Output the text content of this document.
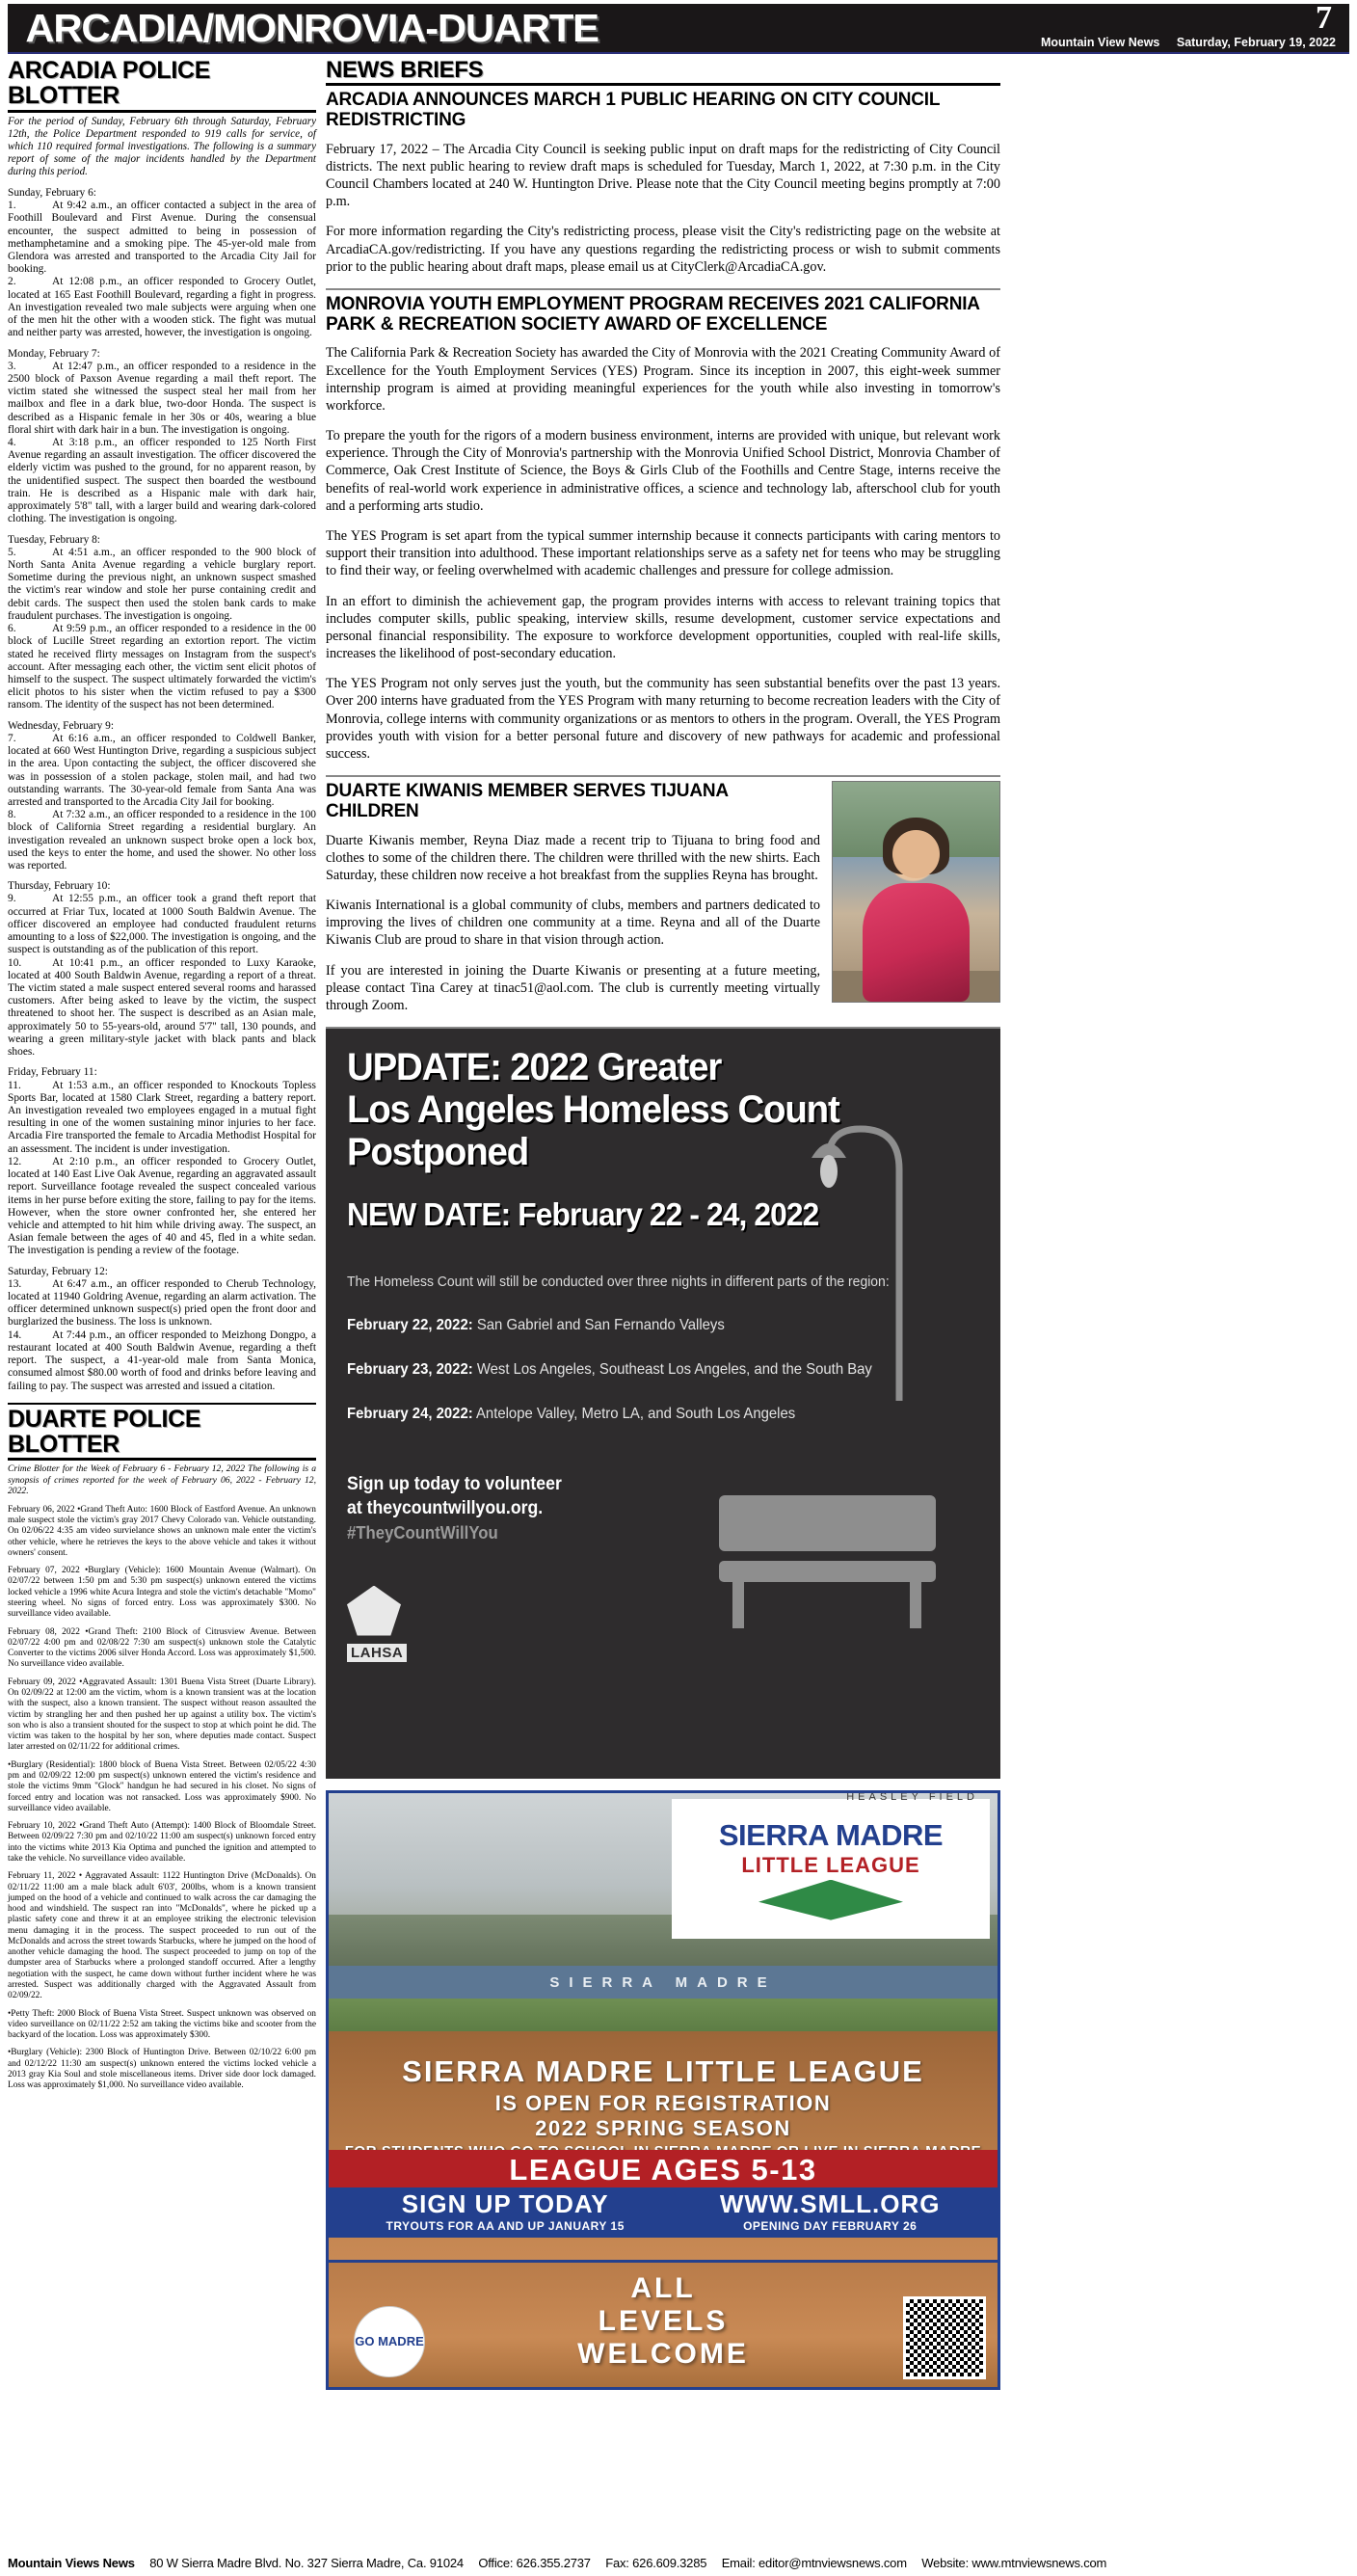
ARCADIA/MONROVIA-DUARTE	7
Mountain View News Saturday, February 19, 2022
ARCADIA POLICE BLOTTER
For the period of Sunday, February 6th through Saturday, February 12th, the Police Department responded to 919 calls for service, of which 110 required formal investigations. The following is a summary report of some of the major incidents handled by the Department during this period.
Sunday, February 6:
1.	At 9:42 a.m., an officer contacted a subject in the area of Foothill Boulevard and First Avenue. During the consensual encounter, the suspect admitted to being in possession of methamphetamine and a smoking pipe. The 45-yer-old male from Glendora was arrested and transported to the Arcadia City Jail for booking.
2.	At 12:08 p.m., an officer responded to Grocery Outlet, located at 165 East Foothill Boulevard, regarding a fight in progress. An investigation revealed two male subjects were arguing when one of the men hit the other with a wooden stick. The fight was mutual and neither party was arrested, however, the investigation is ongoing.
Monday, February 7:
3.	At 12:47 p.m., an officer responded to a residence in the 2500 block of Paxson Avenue regarding a mail theft report. The victim stated she witnessed the suspect steal her mail from her mailbox and flee in a dark blue, two-door Honda. The suspect is described as a Hispanic female in her 30s or 40s, wearing a blue floral shirt with dark hair in a bun. The investigation is ongoing.
4.	At 3:18 p.m., an officer responded to 125 North First Avenue regarding an assault investigation. The officer discovered the elderly victim was pushed to the ground, for no apparent reason, by the unidentified suspect. The suspect then boarded the westbound train. He is described as a Hispanic male with dark hair, approximately 5'8" tall, with a larger build and wearing dark-colored clothing. The investigation is ongoing.
Tuesday, February 8:
5.	At 4:51 a.m., an officer responded to the 900 block of North Santa Anita Avenue regarding a vehicle burglary report. Sometime during the previous night, an unknown suspect smashed the victim's rear window and stole her purse containing credit and debit cards. The suspect then used the stolen bank cards to make fraudulent purchases. The investigation is ongoing.
6.	At 9:59 p.m., an officer responded to a residence in the 00 block of Lucille Street regarding an extortion report. The victim stated he received flirty messages on Instagram from the suspect's account. After messaging each other, the victim sent elicit photos of himself to the suspect. The suspect ultimately forwarded the victim's elicit photos to his sister when the victim refused to pay a $300 ransom. The identity of the suspect has not been determined.
Wednesday, February 9:
7.	At 6:16 a.m., an officer responded to Coldwell Banker, located at 660 West Huntington Drive, regarding a suspicious subject in the area. Upon contacting the subject, the officer discovered she was in possession of a stolen package, stolen mail, and had two outstanding warrants. The 30-year-old female from Santa Ana was arrested and transported to the Arcadia City Jail for booking.
8.	At 7:32 a.m., an officer responded to a residence in the 100 block of California Street regarding a residential burglary. An investigation revealed an unknown suspect broke open a lock box, used the keys to enter the home, and used the shower. No other loss was reported.
Thursday, February 10:
9.	At 12:55 p.m., an officer took a grand theft report that occurred at Friar Tux, located at 1000 South Baldwin Avenue. The officer discovered an employee had conducted fraudulent returns amounting to a loss of $22,000. The investigation is ongoing, and the suspect is outstanding as of the publication of this report.
10.	At 10:41 p.m., an officer responded to Luxy Karaoke, located at 400 South Baldwin Avenue, regarding a report of a threat. The victim stated a male suspect entered several rooms and harassed customers. After being asked to leave by the victim, the suspect threatened to shoot her. The suspect is described as an Asian male, approximately 50 to 55-years-old, around 5'7" tall, 130 pounds, and wearing a green military-style jacket with black pants and black shoes.
Friday, February 11:
11.	At 1:53 a.m., an officer responded to Knockouts Topless Sports Bar, located at 1580 Clark Street, regarding a battery report. An investigation revealed two employees engaged in a mutual fight resulting in one of the women sustaining minor injuries to her face. Arcadia Fire transported the female to Arcadia Methodist Hospital for an assessment. The incident is under investigation.
12.	At 2:10 p.m., an officer responded to Grocery Outlet, located at 140 East Live Oak Avenue, regarding an aggravated assault report. Surveillance footage revealed the suspect concealed various items in her purse before exiting the store, failing to pay for the items. However, when the store owner confronted her, she entered her vehicle and attempted to hit him while driving away. The suspect, an Asian female between the ages of 40 and 45, fled in a white sedan. The investigation is pending a review of the footage.
Saturday, February 12:
13.	At 6:47 a.m., an officer responded to Cherub Technology, located at 11940 Goldring Avenue, regarding an alarm activation. The officer determined unknown suspect(s) pried open the front door and burglarized the business. The loss is unknown.
14.	At 7:44 p.m., an officer responded to Meizhong Dongpo, a restaurant located at 400 South Baldwin Avenue, regarding a theft report. The suspect, a 41-year-old male from Santa Monica, consumed almost $80.00 worth of food and drinks before leaving and failing to pay. The suspect was arrested and issued a citation.
DUARTE POLICE BLOTTER
Crime Blotter for the Week of February 6 - February 12, 2022 The following is a synopsis of crimes reported for the week of February 06, 2022 - February 12, 2022.
February 06, 2022 •Grand Theft Auto: 1600 Block of Eastford Avenue. An unknown male suspect stole the victim's gray 2017 Chevy Colorado van. Vehicle outstanding. On 02/06/22 4:35 am video survielance shows an unknown male enter the victim's other vehicle, where he retrieves the keys to the above vehicle and takes it without owners' consent.
February 07, 2022 •Burglary (Vehicle): 1600 Mountain Avenue (Walmart). On 02/07/22 between 1:50 pm and 5:30 pm suspect(s) unknown entered the victims locked vehicle a 1996 white Acura Integra and stole the victim's detachable "Momo" steering wheel. No signs of forced entry. Loss was approximately $300. No surveillance video available.
February 08, 2022 •Grand Theft: 2100 Block of Citrusview Avenue. Between 02/07/22 4:00 pm and 02/08/22 7:30 am suspect(s) unknown stole the Catalytic Converter to the victims 2006 silver Honda Accord. Loss was approximately $1,500. No surveillance video available.
February 09, 2022 •Aggravated Assault: 1301 Buena Vista Street (Duarte Library). On 02/09/22 at 12:00 am the victim, whom is a known transient was at the location with the suspect, also a known transient. The suspect without reason assaulted the victim by strangling her and then pushed her up against a utility box. The victim's son who is also a transient shouted for the suspect to stop at which point he did. The victim was taken to the hospital by her son, where deputies made contact. Suspect later arrested on 02/11/22 for additional crimes.
•Burglary (Residential): 1800 block of Buena Vista Street. Between 02/05/22 4:30 pm and 02/09/22 12:00 pm suspect(s) unknown entered the victim's residence and stole the victims 9mm "Glock" handgun he had secured in his closet. No signs of forced entry and location was not ransacked. Loss was approximately $900. No surveillance video available.
February 10, 2022 •Grand Theft Auto (Attempt): 1400 Block of Bloomdale Street. Between 02/09/22 7:30 pm and 02/10/22 11:00 am suspect(s) unknown forced entry into the victims white 2013 Kia Optima and punched the ignition and attempted to take the vehicle. No surveillance video available.
February 11, 2022 • Aggravated Assault: 1122 Huntington Drive (McDonalds). On 02/11/22 11:00 am a male black adult 6'03', 200lbs, whom is a known transient jumped on the hood of a vehicle and continued to walk across the car damaging the hood and windshield. The suspect ran into "McDonalds", where he picked up a plastic safety cone and threw it at an employee striking the electronic television menu damaging it in the process. The suspect proceeded to run out of the McDonalds and across the street towards Starbucks, where he jumped on the hood of another vehicle damaging the hood. The suspect proceeded to jump on top of the dumpster area of Starbucks where a prolonged standoff occurred. After a lengthy negotiation with the suspect, he came down without further incident where he was arrested. Suspect was additionally charged with the Aggravated Assault from 02/09/22.
•Petty Theft: 2000 Block of Buena Vista Street. Suspect unknown was observed on video surveillance on 02/11/22 2:52 am taking the victims bike and scooter from the backyard of the location. Loss was approximately $300.
•Burglary (Vehicle): 2300 Block of Huntington Drive. Between 02/10/22 6:00 pm and 02/12/22 11:30 am suspect(s) unknown entered the victims locked vehicle a 2013 gray Kia Soul and stole miscellaneous items. Driver side door lock damaged. Loss was approximately $1,000. No surveillance video available.
NEWS BRIEFS
ARCADIA ANNOUNCES MARCH 1 PUBLIC HEARING ON CITY COUNCIL REDISTRICTING
February 17, 2022 – The Arcadia City Council is seeking public input on draft maps for the redistricting of City Council districts. The next public hearing to review draft maps is scheduled for Tuesday, March 1, 2022, at 7:30 p.m. in the City Council Chambers located at 240 W. Huntington Drive. Please note that the City Council meeting begins promptly at 7:00 p.m.
For more information regarding the City's redistricting process, please visit the City's redistricting page on the website at ArcadiaCA.gov/redistricting. If you have any questions regarding the redistricting process or wish to submit comments prior to the public hearing about draft maps, please email us at CityClerk@ArcadiaCA.gov.
MONROVIA YOUTH EMPLOYMENT PROGRAM RECEIVES 2021 CALIFORNIA PARK & RECREATION SOCIETY AWARD OF EXCELLENCE
The California Park & Recreation Society has awarded the City of Monrovia with the 2021 Creating Community Award of Excellence for the Youth Employment Services (YES) Program. Since its inception in 2007, this eight-week summer internship program is aimed at providing meaningful experiences for the youth while also investing in tomorrow's workforce.
To prepare the youth for the rigors of a modern business environment, interns are provided with unique, but relevant work experience. Through the City of Monrovia's partnership with the Monrovia Unified School District, Monrovia Chamber of Commerce, Oak Crest Institute of Science, the Boys & Girls Club of the Foothills and Centre Stage, interns receive the benefits of real-world work experience in administrative offices, a science and technology lab, afterschool club for youth and a performing arts studio.
The YES Program is set apart from the typical summer internship because it connects participants with caring mentors to support their transition into adulthood. These important relationships serve as a safety net for teens who may be struggling to find their way, or feeling overwhelmed with academic challenges and pressure for college admission.
In an effort to diminish the achievement gap, the program provides interns with access to relevant training topics that includes computer skills, public speaking, interview skills, resume development, customer service expectations and personal financial responsibility. The exposure to workforce development opportunities, coupled with real-life skills, increases the likelihood of post-secondary education.
The YES Program not only serves just the youth, but the community has seen substantial benefits over the past 13 years. Over 200 interns have graduated from the YES Program with many returning to become recreation leaders with the City of Monrovia, college interns with community organizations or as mentors to others in the program. Overall, the YES Program provides youth with vision for a better personal future and discovery of new pathways for academic and professional success.
DUARTE KIWANIS MEMBER SERVES TIJUANA CHILDREN
Duarte Kiwanis member, Reyna Diaz made a recent trip to Tijuana to bring food and clothes to some of the children there. The children were thrilled with the new shirts. Each Saturday, these children now receive a hot breakfast from the supplies Reyna has brought.
Kiwanis International is a global community of clubs, members and partners dedicated to improving the lives of children one community at a time. Reyna and all of the Duarte Kiwanis Club are proud to share in that vision through action.
If you are interested in joining the Duarte Kiwanis or presenting at a future meeting, please contact Tina Carey at tinac51@aol.com. The club is currently meeting virtually through Zoom.
UPDATE: 2022 Greater
Los Angeles Homeless Count Postponed
NEW DATE: February 22 - 24, 2022
The Homeless Count will still be conducted over three nights in different parts of the region:
February 22, 2022: San Gabriel and San Fernando Valleys
February 23, 2022: West Los Angeles, Southeast Los Angeles, and the South Bay
February 24, 2022: Antelope Valley, Metro LA, and South Los Angeles
Sign up today to volunteer
at theycountwillyou.org.
#TheyCountWillYou
LAHSA
SIERRA MADRE
HEASLEY FIELD
SIERRA MADRE
LITTLE LEAGUE
SIERRA MADRE LITTLE LEAGUE
IS OPEN FOR REGISTRATION
2022 SPRING SEASON
LEAGUE AGES 5-13
SIGN UP TODAY
TRYOUTS FOR AA AND UP JANUARY 15
WWW.SMLL.ORG
OPENING DAY FEBRUARY 26
ALL
LEVELS
WELCOME
GO MADRE
Mountain Views News 80 W Sierra Madre Blvd. No. 327 Sierra Madre, Ca. 91024 Office: 626.355.2737 Fax: 626.609.3285 Email: editor@mtnviewsnews.com Website: www.mtnviewsnews.com
